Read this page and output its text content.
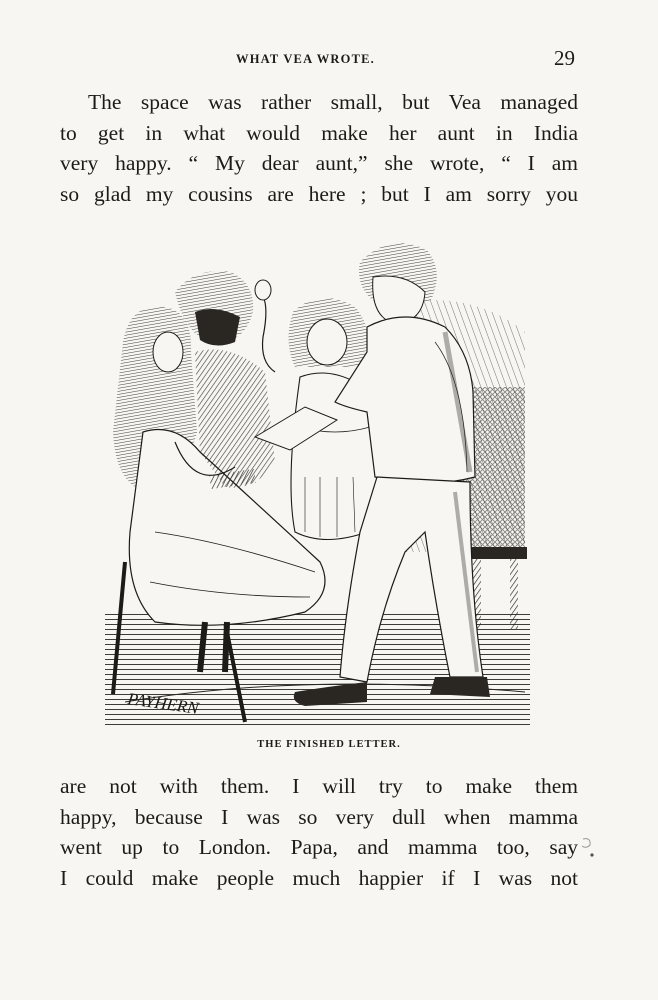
WHAT VEA WROTE.	29

The space was rather small, but Vea managed
to get in what would make her aunt in India
very happy. “ My dear aunt,” she wrote, “ I am
so glad my cousins are here ; but I am sorry you

PAYHERN
THE FINISHED LETTER.

are not with them. I will try to make them
happy, because I was so very dull when mamma
went up to London. Papa, and mamma too, say
I could make people much happier if I was not
